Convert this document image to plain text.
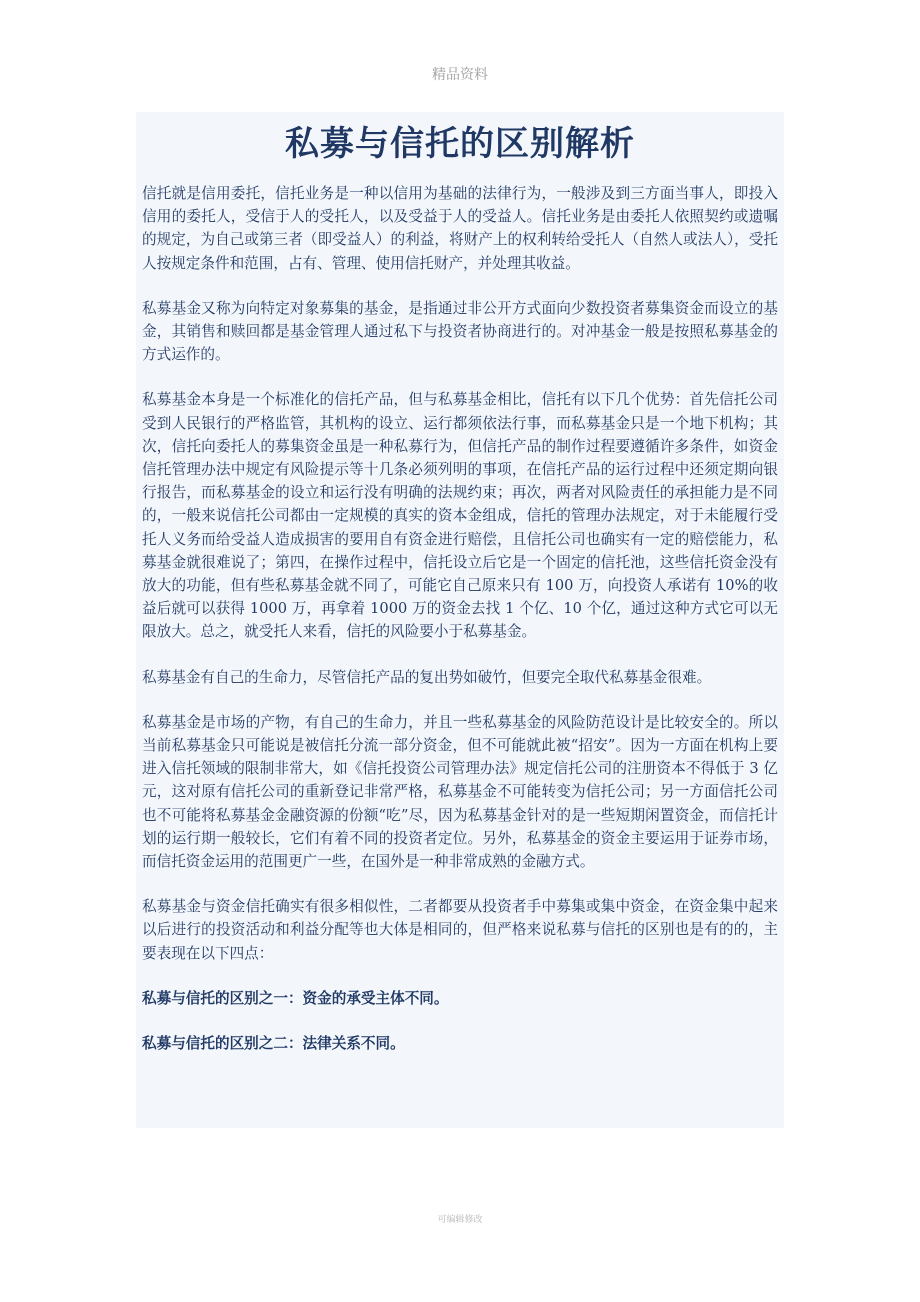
精品资料
私募与信托的区别解析

信托就是信用委托，信托业务是一种以信用为基础的法律行为，一般涉及到三方面当事人，即投入信用的委托人，受信于人的受托人，以及受益于人的受益人。信托业务是由委托人依照契约或遗嘱的规定，为自己或第三者（即受益人）的利益，将财产上的权利转给受托人（自然人或法人），受托人按规定条件和范围，占有、管理、使用信托财产，并处理其收益。

私募基金又称为向特定对象募集的基金，是指通过非公开方式面向少数投资者募集资金而设立的基金，其销售和赎回都是基金管理人通过私下与投资者协商进行的。对冲基金一般是按照私募基金的方式运作的。

私募基金本身是一个标准化的信托产品，但与私募基金相比，信托有以下几个优势：首先信托公司受到人民银行的严格监管，其机构的设立、运行都须依法行事，而私募基金只是一个地下机构；其次，信托向委托人的募集资金虽是一种私募行为，但信托产品的制作过程要遵循许多条件，如资金信托管理办法中规定有风险提示等十几条必须列明的事项，在信托产品的运行过程中还须定期向银行报告，而私募基金的设立和运行没有明确的法规约束；再次，两者对风险责任的承担能力是不同的，一般来说信托公司都由一定规模的真实的资本金组成，信托的管理办法规定，对于未能履行受托人义务而给受益人造成损害的要用自有资金进行赔偿，且信托公司也确实有一定的赔偿能力，私募基金就很难说了；第四，在操作过程中，信托设立后它是一个固定的信托池，这些信托资金没有放大的功能，但有些私募基金就不同了，可能它自己原来只有 100 万，向投资人承诺有 10%的收益后就可以获得 1000 万，再拿着 1000 万的资金去找 1 个亿、10 个亿，通过这种方式它可以无限放大。总之，就受托人来看，信托的风险要小于私募基金。

私募基金有自己的生命力，尽管信托产品的复出势如破竹，但要完全取代私募基金很难。

私募基金是市场的产物，有自己的生命力，并且一些私募基金的风险防范设计是比较安全的。所以当前私募基金只可能说是被信托分流一部分资金，但不可能就此被“招安”。因为一方面在机构上要进入信托领域的限制非常大，如《信托投资公司管理办法》规定信托公司的注册资本不得低于 3 亿元，这对原有信托公司的重新登记非常严格，私募基金不可能转变为信托公司；另一方面信托公司也不可能将私募基金金融资源的份额“吃”尽，因为私募基金针对的是一些短期闲置资金，而信托计划的运行期一般较长，它们有着不同的投资者定位。另外，私募基金的资金主要运用于证券市场，而信托资金运用的范围更广一些，在国外是一种非常成熟的金融方式。

私募基金与资金信托确实有很多相似性，二者都要从投资者手中募集或集中资金，在资金集中起来以后进行的投资活动和利益分配等也大体是相同的，但严格来说私募与信托的区别也是有的的，主要表现在以下四点：

私募与信托的区别之一：资金的承受主体不同。

私募与信托的区别之二：法律关系不同。

可编辑修改
